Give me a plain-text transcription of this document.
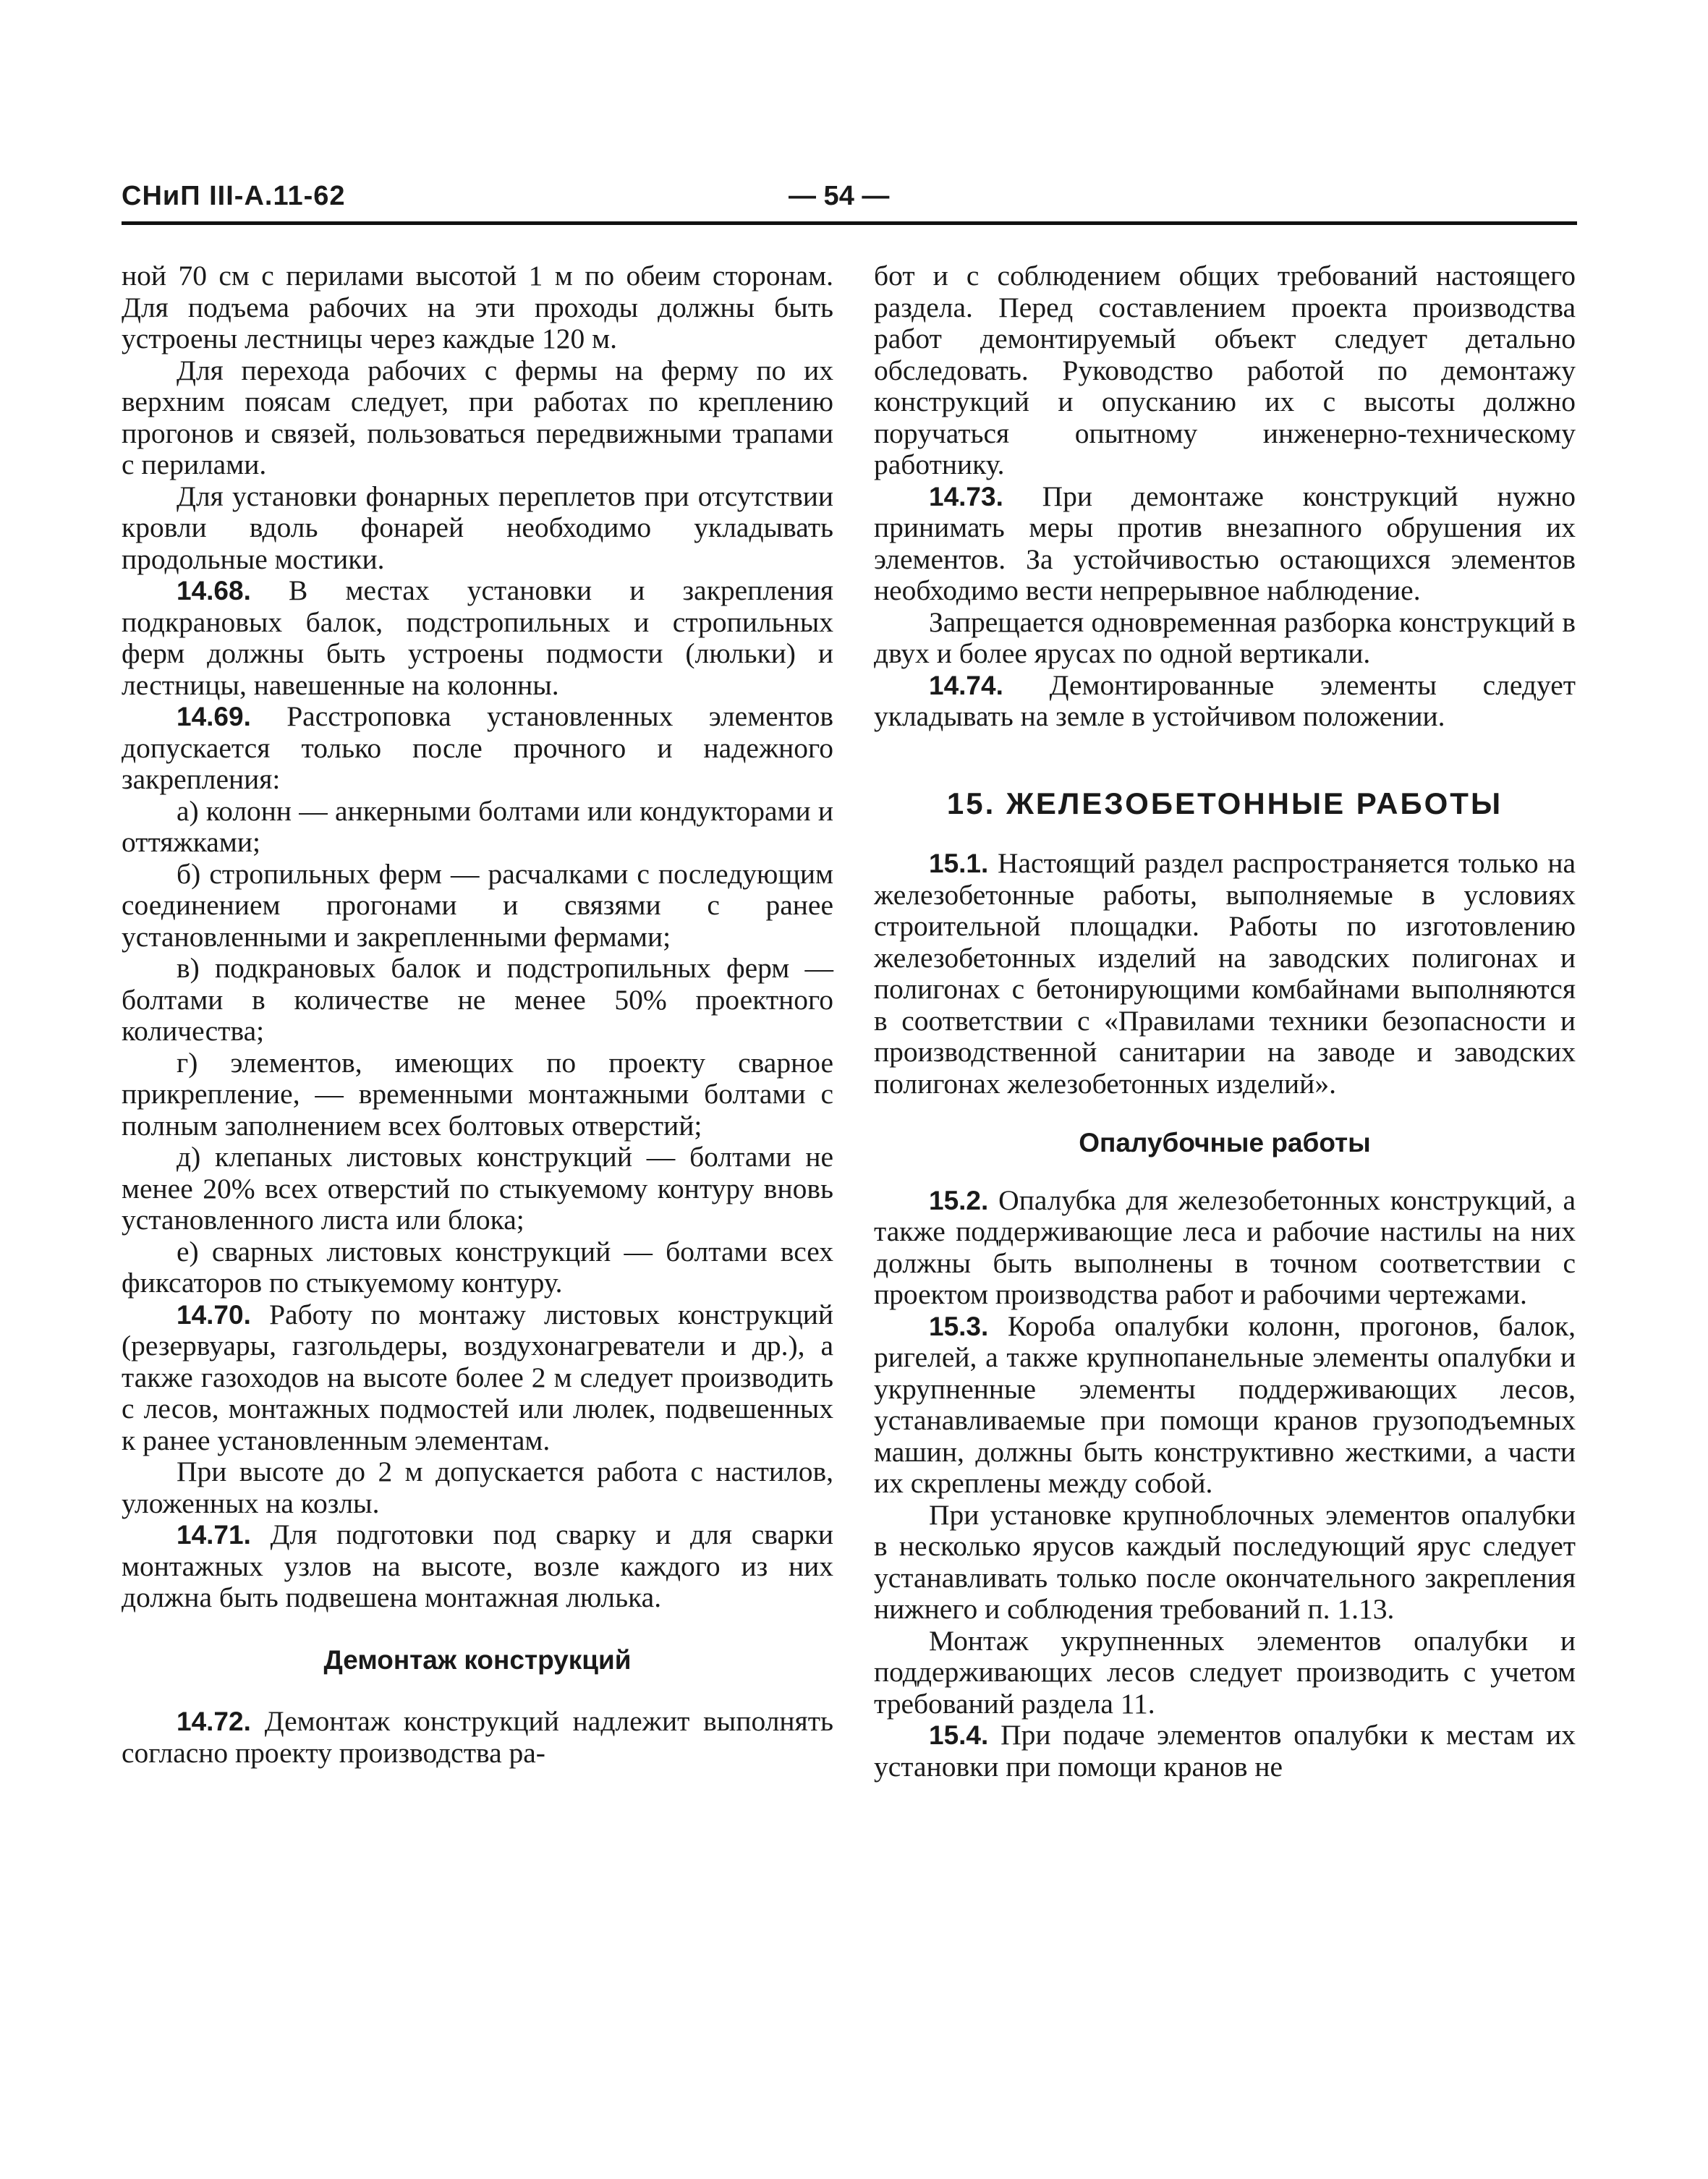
СНиП III-А.11-62	— 54 —

ной 70 см с перилами высотой 1 м по обеим сторонам. Для подъема рабочих на эти проходы должны быть устроены лестницы через каждые 120 м.

Для перехода рабочих с фермы на ферму по их верхним поясам следует, при работах по креплению прогонов и связей, пользоваться передвижными трапами с перилами.

Для установки фонарных переплетов при отсутствии кровли вдоль фонарей необходимо укладывать продольные мостики.

14.68. В местах установки и закрепления подкрановых балок, подстропильных и стропильных ферм должны быть устроены подмости (люльки) и лестницы, навешенные на колонны.

14.69. Расстроповка установленных элементов допускается только после прочного и надежного закрепления:

а) колонн — анкерными болтами или кондукторами и оттяжками;

б) стропильных ферм — расчалками с последующим соединением прогонами и связями с ранее установленными и закрепленными фермами;

в) подкрановых балок и подстропильных ферм — болтами в количестве не менее 50% проектного количества;

г) элементов, имеющих по проекту сварное прикрепление, — временными монтажными болтами с полным заполнением всех болтовых отверстий;

д) клепаных листовых конструкций — болтами не менее 20% всех отверстий по стыкуемому контуру вновь установленного листа или блока;

е) сварных листовых конструкций — болтами всех фиксаторов по стыкуемому контуру.

14.70. Работу по монтажу листовых конструкций (резервуары, газгольдеры, воздухонагреватели и др.), а также газоходов на высоте более 2 м следует производить с лесов, монтажных подмостей или люлек, подвешенных к ранее установленным элементам.

При высоте до 2 м допускается работа с настилов, уложенных на козлы.

14.71. Для подготовки под сварку и для сварки монтажных узлов на высоте, возле каждого из них должна быть подвешена монтажная люлька.

Демонтаж конструкций

14.72. Демонтаж конструкций надлежит выполнять согласно проекту производства ра-

бот и с соблюдением общих требований настоящего раздела. Перед составлением проекта производства работ демонтируемый объект следует детально обследовать. Руководство работой по демонтажу конструкций и опусканию их с высоты должно поручаться опытному инженерно-техническому работнику.

14.73. При демонтаже конструкций нужно принимать меры против внезапного обрушения их элементов. За устойчивостью остающихся элементов необходимо вести непрерывное наблюдение.

Запрещается одновременная разборка конструкций в двух и более ярусах по одной вертикали.

14.74. Демонтированные элементы следует укладывать на земле в устойчивом положении.

15. ЖЕЛЕЗОБЕТОННЫЕ РАБОТЫ

15.1. Настоящий раздел распространяется только на железобетонные работы, выполняемые в условиях строительной площадки. Работы по изготовлению железобетонных изделий на заводских полигонах и полигонах с бетонирующими комбайнами выполняются в соответствии с «Правилами техники безопасности и производственной санитарии на заводе и заводских полигонах железобетонных изделий».

Опалубочные работы

15.2. Опалубка для железобетонных конструкций, а также поддерживающие леса и рабочие настилы на них должны быть выполнены в точном соответствии с проектом производства работ и рабочими чертежами.

15.3. Короба опалубки колонн, прогонов, балок, ригелей, а также крупнопанельные элементы опалубки и укрупненные элементы поддерживающих лесов, устанавливаемые при помощи кранов грузоподъемных машин, должны быть конструктивно жесткими, а части их скреплены между собой.

При установке крупноблочных элементов опалубки в несколько ярусов каждый последующий ярус следует устанавливать только после окончательного закрепления нижнего и соблюдения требований п. 1.13.

Монтаж укрупненных элементов опалубки и поддерживающих лесов следует производить с учетом требований раздела 11.

15.4. При подаче элементов опалубки к местам их установки при помощи кранов не
